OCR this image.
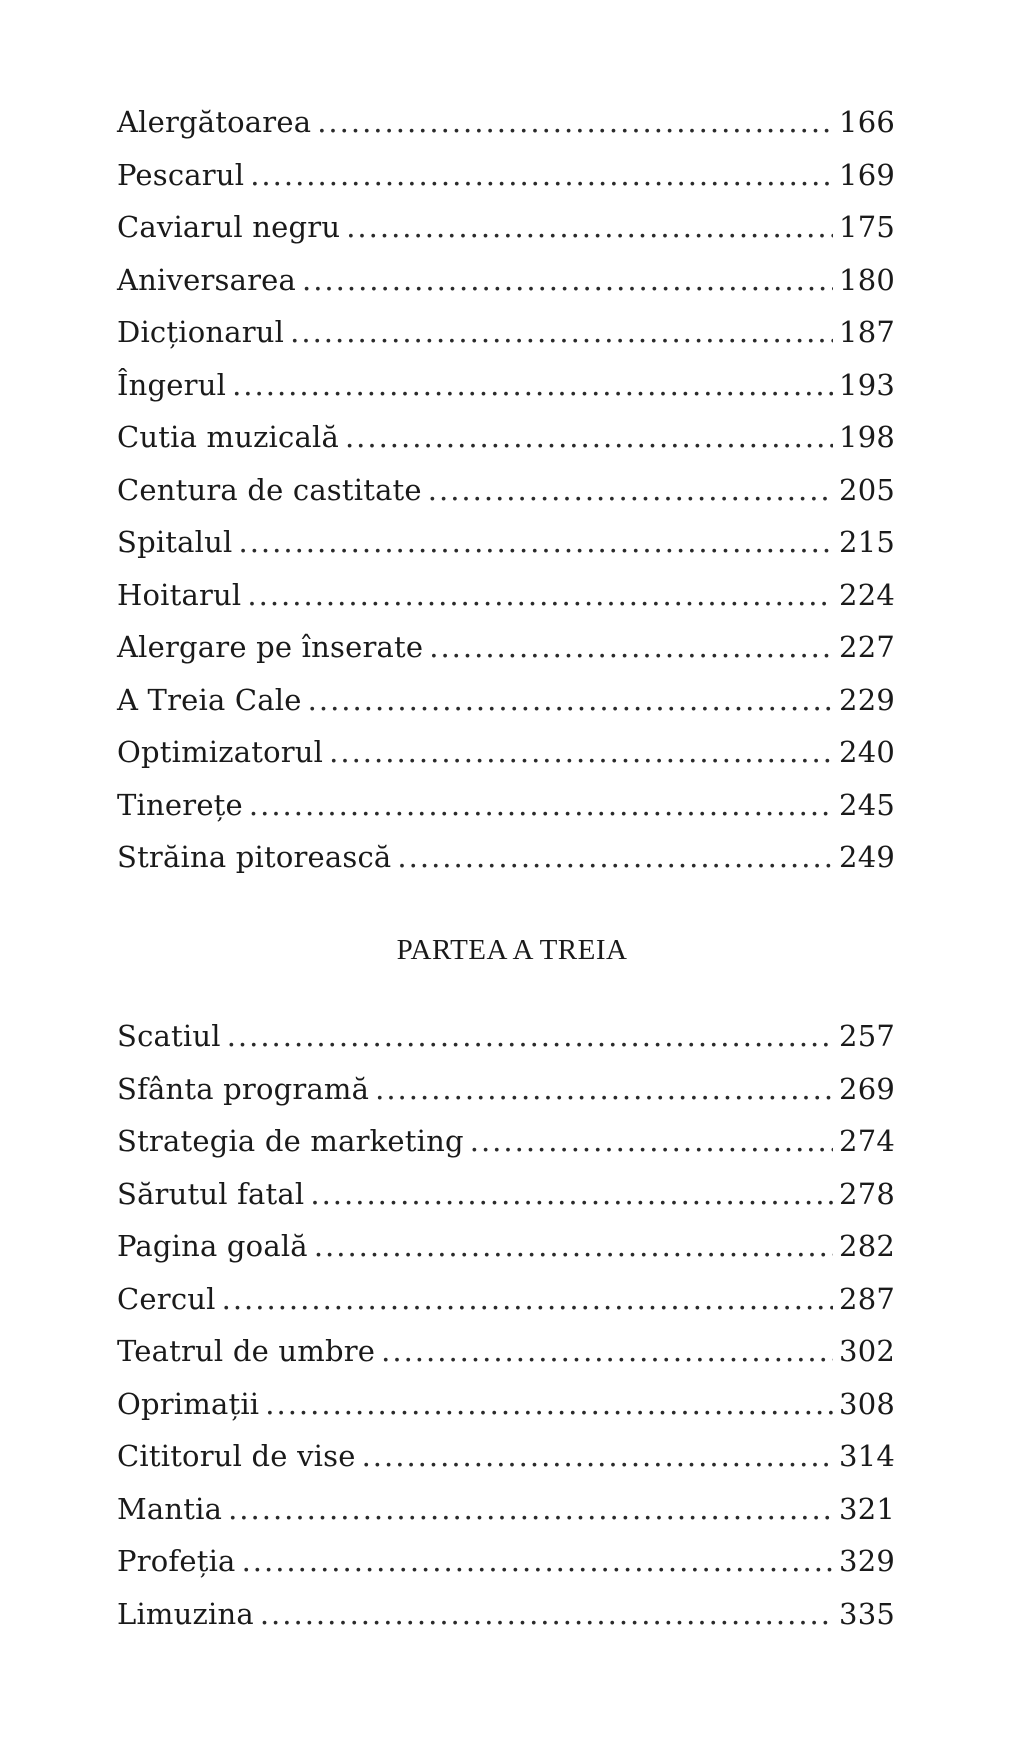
Alergătoarea .....	166
Pescarul .....	169
Caviarul negru .....	175
Aniversarea .....	180
Dicționarul .....	187
Îngerul .....	193
Cutia muzicală .....	198
Centura de castitate .....	205
Spitalul .....	215
Hoitarul .....	224
Alergare pe înserate .....	227
A Treia Cale .....	229
Optimizatorul .....	240
Tinerețe .....	245
Străina pitorească .....	249
PARTEA A TREIA
Scatiul .....	257
Sfânta programă .....	269
Strategia de marketing .....	274
Sărutul fatal .....	278
Pagina goală .....	282
Cercul .....	287
Teatrul de umbre .....	302
Oprimații .....	308
Cititorul de vise .....	314
Mantia .....	321
Profeția .....	329
Limuzina .....	335
